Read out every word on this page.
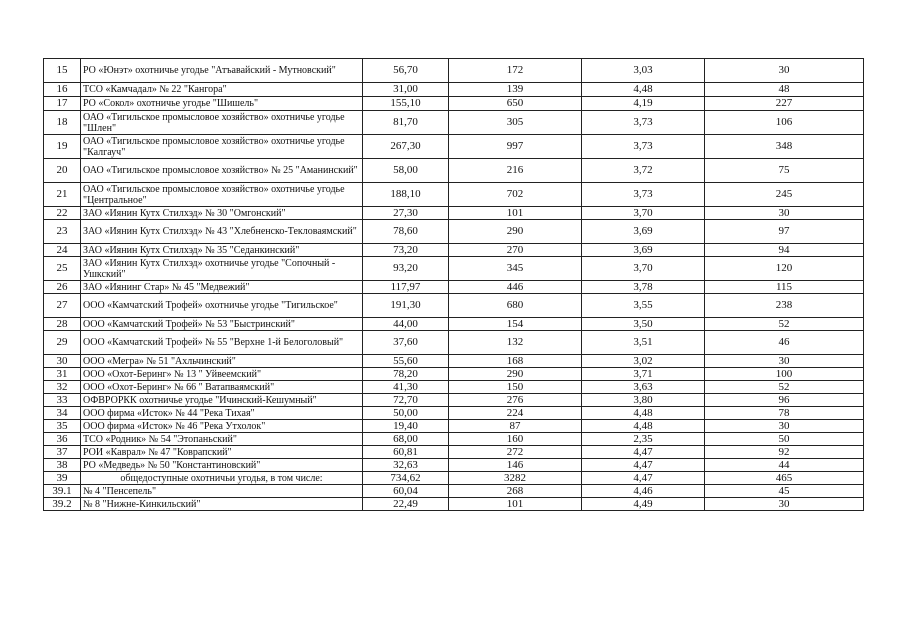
15	РО «Юнэт» охотничье угодье "Атъавайский - Мутновский"	56,70	172	3,03	30
16	ТСО «Камчадал» № 22 "Кангора"	31,00	139	4,48	48
17	РО «Сокол» охотничье угодье "Шишель"	155,10	650	4,19	227
18	ОАО «Тигильское промысловое хозяйство» охотничье угодье "Шлен"	81,70	305	3,73	106
19	ОАО «Тигильское промысловое хозяйство» охотничье угодье "Калгауч"	267,30	997	3,73	348
20	ОАО «Тигильское промысловое хозяйство» № 25 "Аманинский"	58,00	216	3,72	75
21	ОАО «Тигильское промысловое хозяйство» охотничье угодье "Центральное"	188,10	702	3,73	245
22	ЗАО «Иянин Кутх Стилхэд» № 30 "Омгонский"	27,30	101	3,70	30
23	ЗАО «Иянин Кутх Стилхэд» № 43 "Хлебненско-Текловаямский"	78,60	290	3,69	97
24	ЗАО «Иянин Кутх Стилхэд» № 35 "Седанкинский"	73,20	270	3,69	94
25	ЗАО «Иянин Кутх Стилхэд» охотничье угодье "Сопочный - Ушкский"	93,20	345	3,70	120
26	ЗАО «Иянинг Стар» № 45 "Медвежий"	117,97	446	3,78	115
27	ООО «Камчатский Трофей» охотничье угодье "Тигильское"	191,30	680	3,55	238
28	ООО «Камчатский Трофей» № 53 "Быстринский"	44,00	154	3,50	52
29	ООО «Камчатский Трофей» № 55 "Верхне 1-й Белоголовый"	37,60	132	3,51	46
30	ООО «Мегра» № 51 "Ахльчинский"	55,60	168	3,02	30
31	ООО «Охот-Беринг» № 13 " Уйвеемский"	78,20	290	3,71	100
32	ООО «Охот-Беринг» № 66 " Ватапваямский"	41,30	150	3,63	52
33	ОФВРОРКК охотничье угодье "Ичинский-Кешумный"	72,70	276	3,80	96
34	ООО фирма «Исток» № 44 "Река Тихая"	50,00	224	4,48	78
35	ООО фирма «Исток» № 46 "Река Утхолок"	19,40	87	4,48	30
36	ТСО «Родник» № 54 "Этопаньский"	68,00	160	2,35	50
37	РОИ «Каврал» № 47 "Коврапский"	60,81	272	4,47	92
38	РО «Медведь» № 50 "Константиновский"	32,63	146	4,47	44
39	общедоступные охотничьи угодья, в том числе:	734,62	3282	4,47	465
39.1	№ 4 "Пенсепель"	60,04	268	4,46	45
39.2	№ 8 "Нижне-Кинкильский"	22,49	101	4,49	30
